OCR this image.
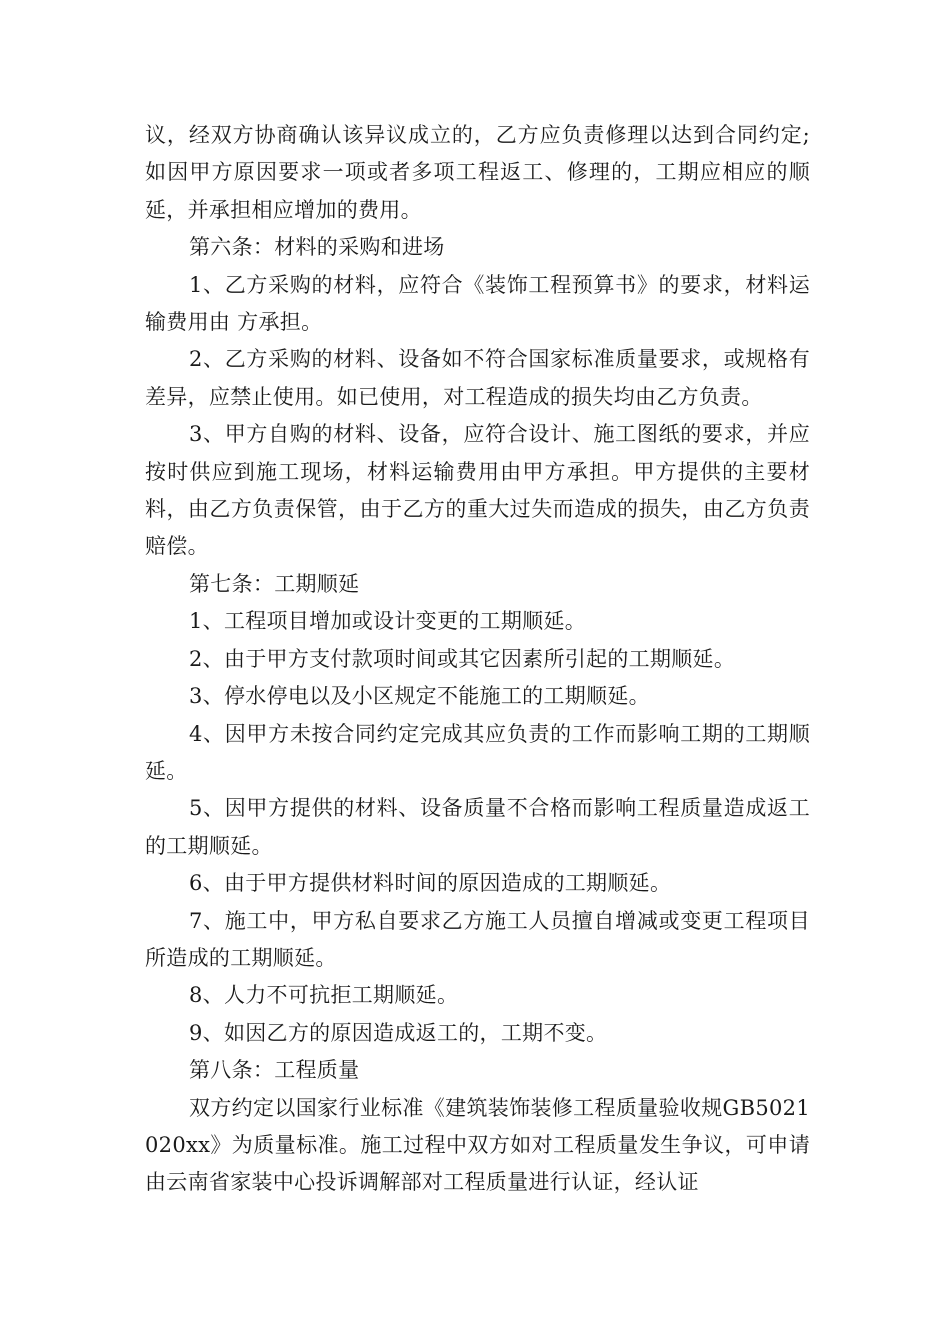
议，经双方协商确认该异议成立的，乙方应负责修理以达到合同约定;如因甲方原因要求一项或者多项工程返工、修理的，工期应相应的顺延，并承担相应增加的费用。

第六条：材料的采购和进场

1、乙方采购的材料，应符合《装饰工程预算书》的要求，材料运输费用由 方承担。

2、乙方采购的材料、设备如不符合国家标准质量要求，或规格有差异，应禁止使用。如已使用，对工程造成的损失均由乙方负责。

3、甲方自购的材料、设备，应符合设计、施工图纸的要求，并应按时供应到施工现场，材料运输费用由甲方承担。甲方提供的主要材料，由乙方负责保管，由于乙方的重大过失而造成的损失，由乙方负责赔偿。

第七条：工期顺延

1、工程项目增加或设计变更的工期顺延。

2、由于甲方支付款项时间或其它因素所引起的工期顺延。

3、停水停电以及小区规定不能施工的工期顺延。

4、因甲方未按合同约定完成其应负责的工作而影响工期的工期顺延。

5、因甲方提供的材料、设备质量不合格而影响工程质量造成返工的工期顺延。

6、由于甲方提供材料时间的原因造成的工期顺延。

7、施工中，甲方私自要求乙方施工人员擅自增减或变更工程项目所造成的工期顺延。

8、人力不可抗拒工期顺延。

9、如因乙方的原因造成返工的，工期不变。

第八条：工程质量

双方约定以国家行业标准《建筑装饰装修工程质量验收规GB5021020xx》为质量标准。施工过程中双方如对工程质量发生争议，可申请由云南省家装中心投诉调解部对工程质量进行认证，经认证
